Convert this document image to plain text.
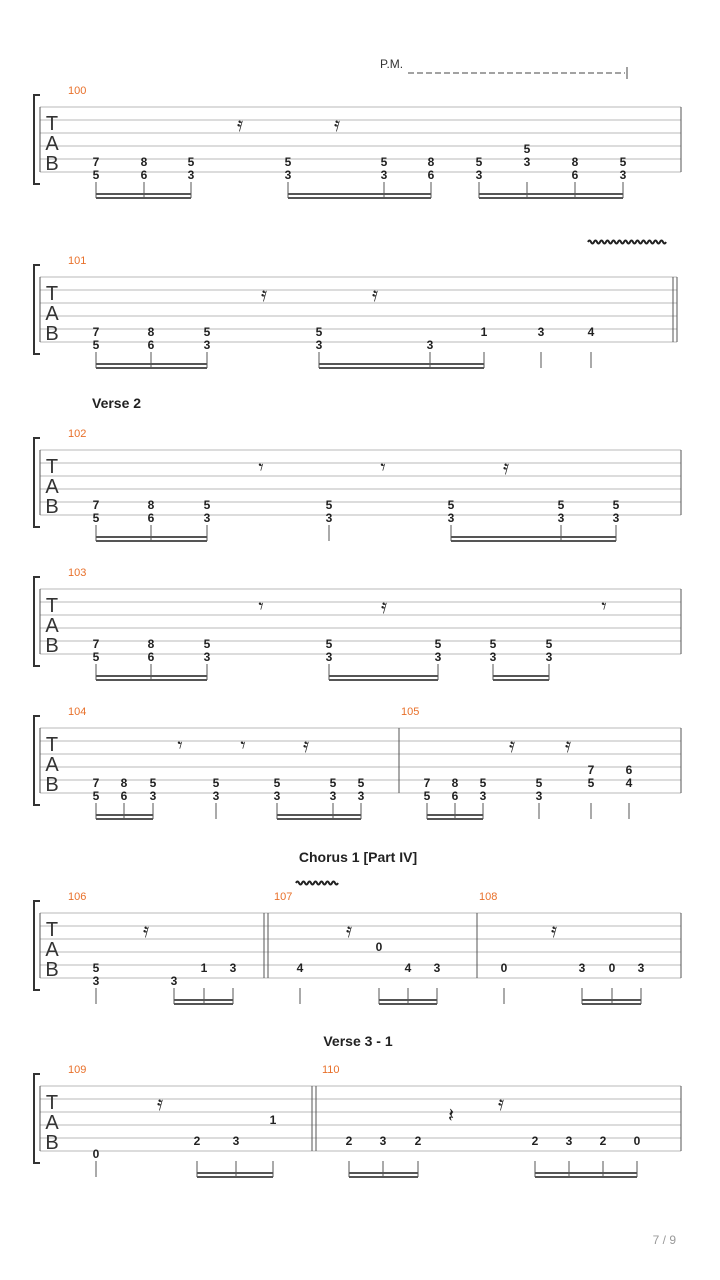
P.M.
T
A
B
100
7
5
8
6
5
3
𝄿
5
3
𝄿
5
3
8
6
5
3
5
3	8
6
5
3
T
A
B
101
7
5
8
6
5
3
𝄿
5
3
𝄿
3
1	3	4
Verse 2
T
A
B
102
7
5
8
6
5
3
𝄾
5
3
𝄾
5
3
𝄿
5
3
5
3
T
A
B
103
7
5
8
6
5
3
𝄾
5
3
𝄿
5
3
5
3
5
3
𝄾
T
A
B
104
7
5
8
6
5
3
𝄾
5
3
𝄾
5
3
𝄿
5
3
5
3
105
7
5
8
6
5
3
𝄿
5
3
𝄿
7
5
6
4
Chorus 1 [Part IV]
T
A
B
106
5
3
𝄿
3
1 3
107
4
𝄿
0
4 3
108
0
𝄿
3 0 3
Verse 3 - 1
T
A
B
109
0
𝄿
2	3
1
110
2 3 2
𝄽 𝄿
2 3 2 0
7 / 9
